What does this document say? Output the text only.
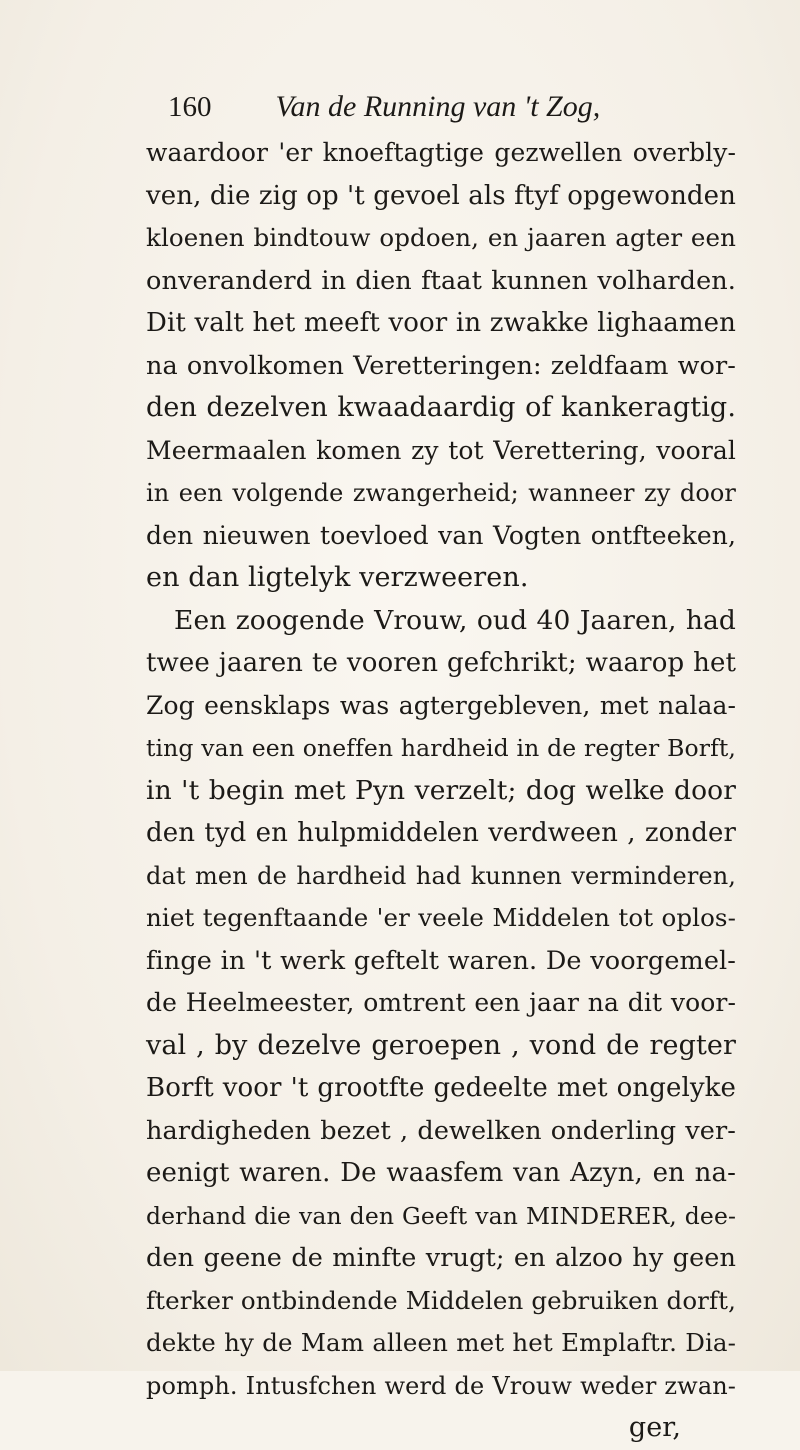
160 Van de Running van 't Zog,
waardoor 'er knoeftagtige gezwellen overbly-
ven, die zig op 't gevoel als ftyf opgewonden
kloenen bindtouw opdoen, en jaaren agter een
onveranderd in dien ftaat kunnen volharden.
Dit valt het meeft voor in zwakke lighaamen
na onvolkomen Veretteringen: zeldfaam wor-
den dezelven kwaadaardig of kankeragtig.
Meermaalen komen zy tot Verettering, vooral
in een volgende zwangerheid; wanneer zy door
den nieuwen toevloed van Vogten ontfteeken,
en dan ligtelyk verzweeren.
Een zoogende Vrouw, oud 40 Jaaren, had
twee jaaren te vooren gefchrikt; waarop het
Zog eensklaps was agtergebleven, met nalaa-
ting van een oneffen hardheid in de regter Borft,
in 't begin met Pyn verzelt; dog welke door
den tyd en hulpmiddelen verdween , zonder
dat men de hardheid had kunnen verminderen,
niet tegenftaande 'er veele Middelen tot oplos-
finge in 't werk geftelt waren. De voorgemel-
de Heelmeester, omtrent een jaar na dit voor-
val , by dezelve geroepen , vond de regter
Borft voor 't grootfte gedeelte met ongelyke
hardigheden bezet , dewelken onderling ver-
eenigt waren. De waasfem van Azyn, en na-
derhand die van den Geeft van MINDERER, dee-
den geene de minfte vrugt; en alzoo hy geen
fterker ontbindende Middelen gebruiken dorft,
dekte hy de Mam alleen met het Emplaftr. Dia-
pomph. Intusfchen werd de Vrouw weder zwan-
ger,
